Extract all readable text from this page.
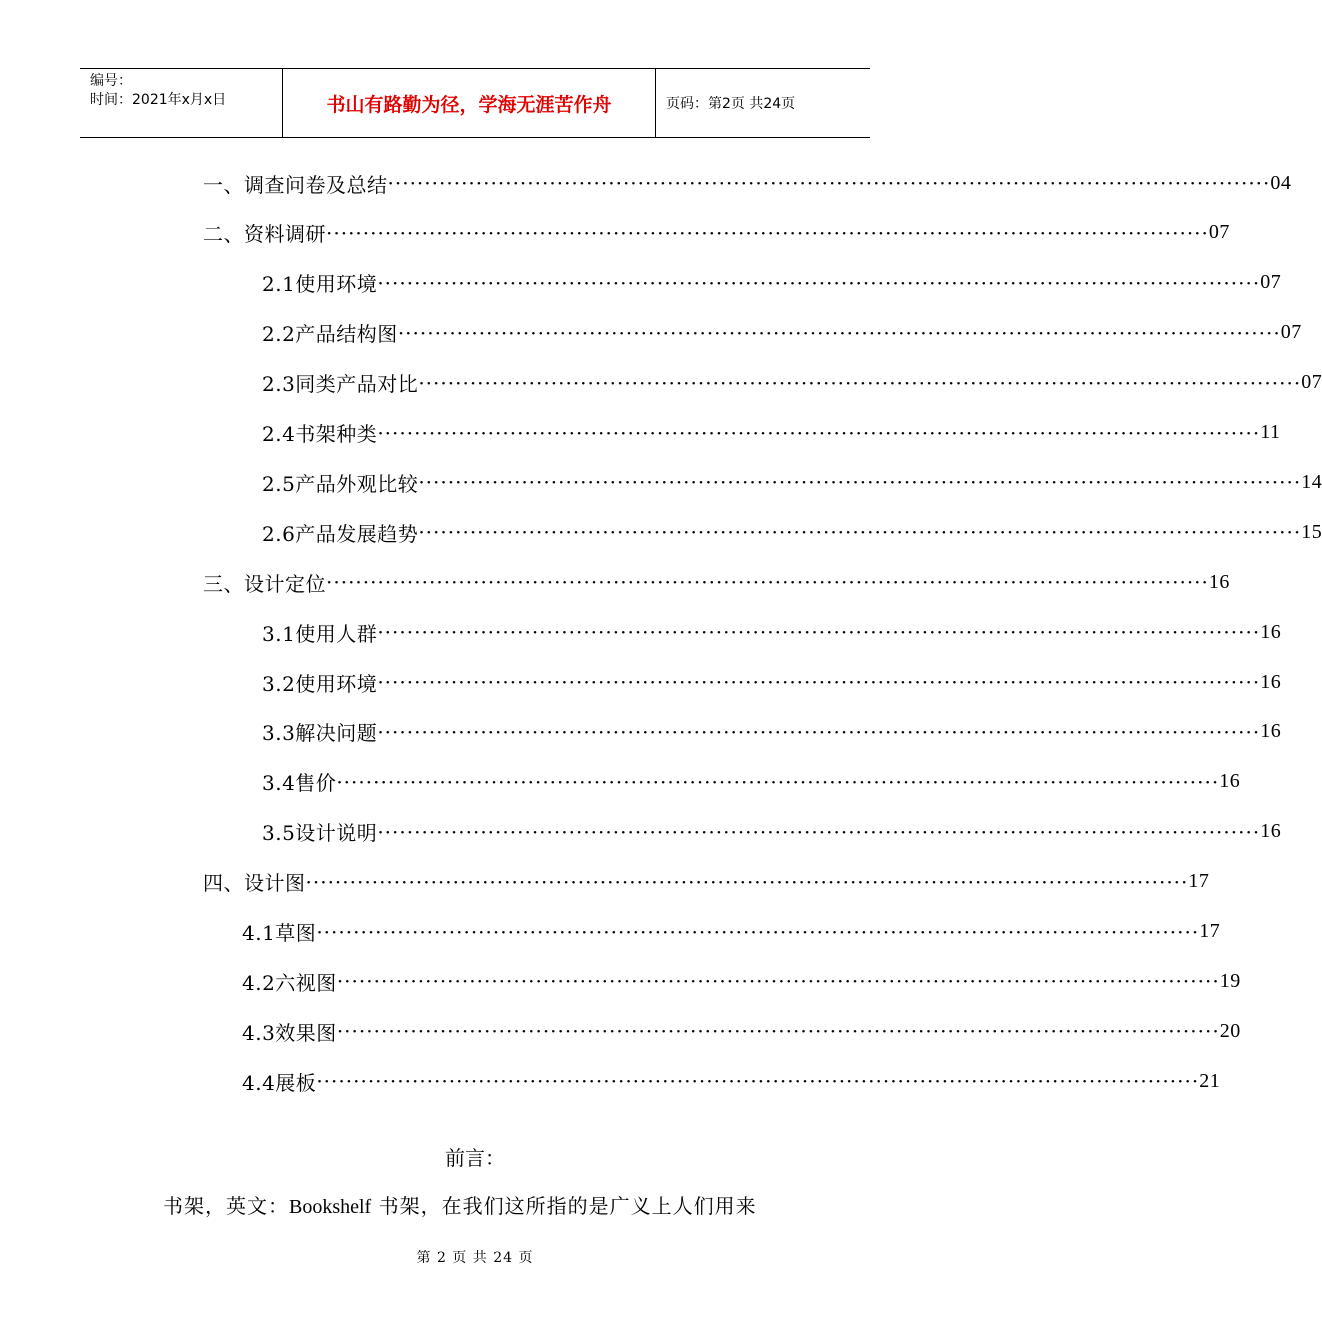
编号：
时间：2021年x月x日	书山有路勤为径，学海无涯苦作舟	页码：第2页 共24页
一、调查问卷及总结 ························································································································ 04
二、资料调研 ························································································································ 07
2.1使用环境 ························································································································ 07
2.2产品结构图 ························································································································ 07
2.3同类产品对比 ························································································································ 07
2.4书架种类 ························································································································ 11
2.5产品外观比较 ························································································································ 14
2.6产品发展趋势 ························································································································ 15
三、设计定位 ························································································································ 16
3.1使用人群 ························································································································ 16
3.2使用环境 ························································································································ 16
3.3解决问题 ························································································································ 16
3.4售价 ························································································································ 16
3.5设计说明 ························································································································ 16
四、设计图 ························································································································ 17
4.1草图 ························································································································ 17
4.2六视图 ························································································································ 19
4.3效果图 ························································································································ 20
4.4展板 ························································································································ 21
前言：
书架，英文：Bookshelf 书架，在我们这所指的是广义上人们用来
第 2 页 共 24 页
